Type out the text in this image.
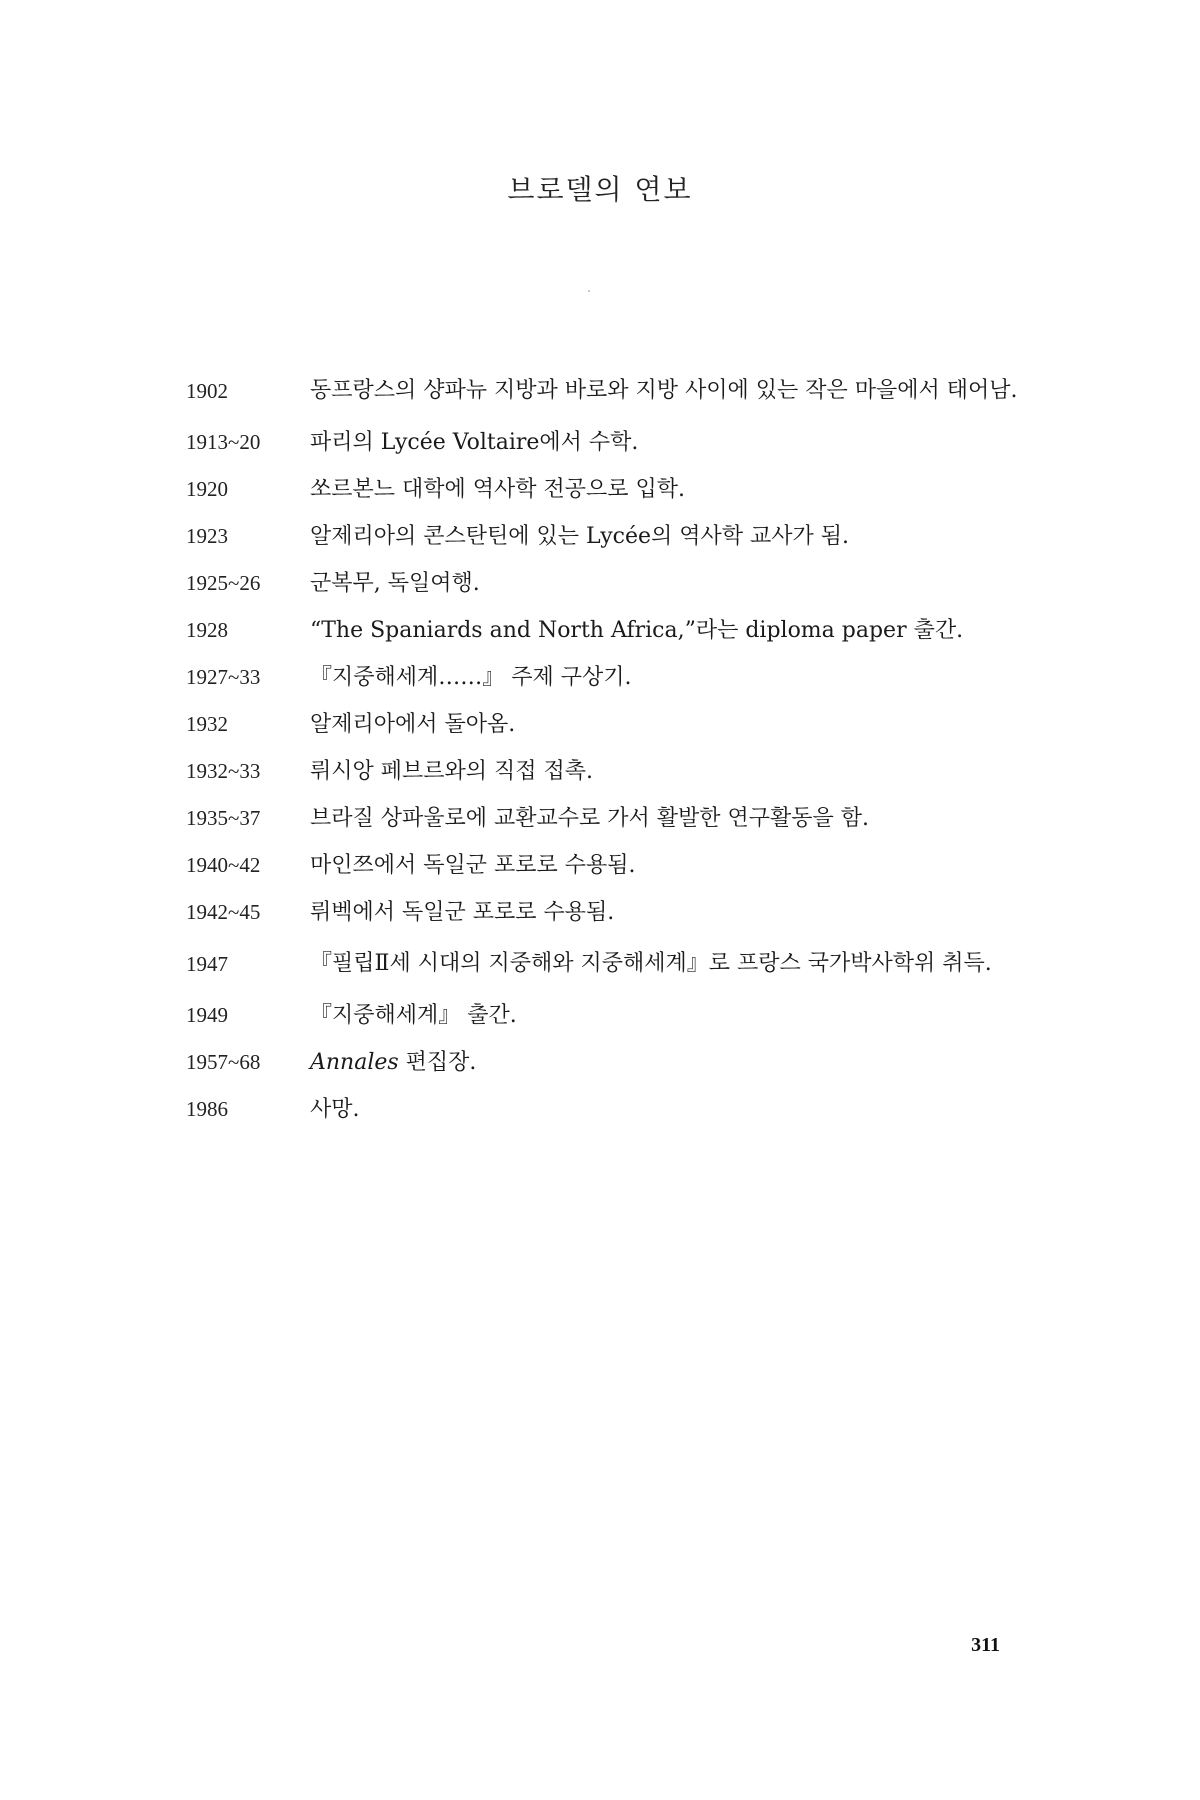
브로델의 연보
1902	동프랑스의 샹파뉴 지방과 바로와 지방 사이에 있는 작은 마을에서 태어남.
1913~20	파리의 Lycée Voltaire에서 수학.
1920	쏘르본느 대학에 역사학 전공으로 입학.
1923	알제리아의 콘스탄틴에 있는 Lycée의 역사학 교사가 됨.
1925~26	군복무, 독일여행.
1928	“The Spaniards and North Africa,”라는 diploma paper 출간.
1927~33	『지중해세계……』 주제 구상기.
1932	알제리아에서 돌아옴.
1932~33	뤼시앙 페브르와의 직접 접촉.
1935~37	브라질 상파울로에 교환교수로 가서 활발한 연구활동을 함.
1940~42	마인쯔에서 독일군 포로로 수용됨.
1942~45	뤼벡에서 독일군 포로로 수용됨.
1947	『필립Ⅱ세 시대의 지중해와 지중해세계』로 프랑스 국가박사학위 취득.
1949	『지중해세계』 출간.
1957~68	Annales 편집장.
1986	사망.
311
